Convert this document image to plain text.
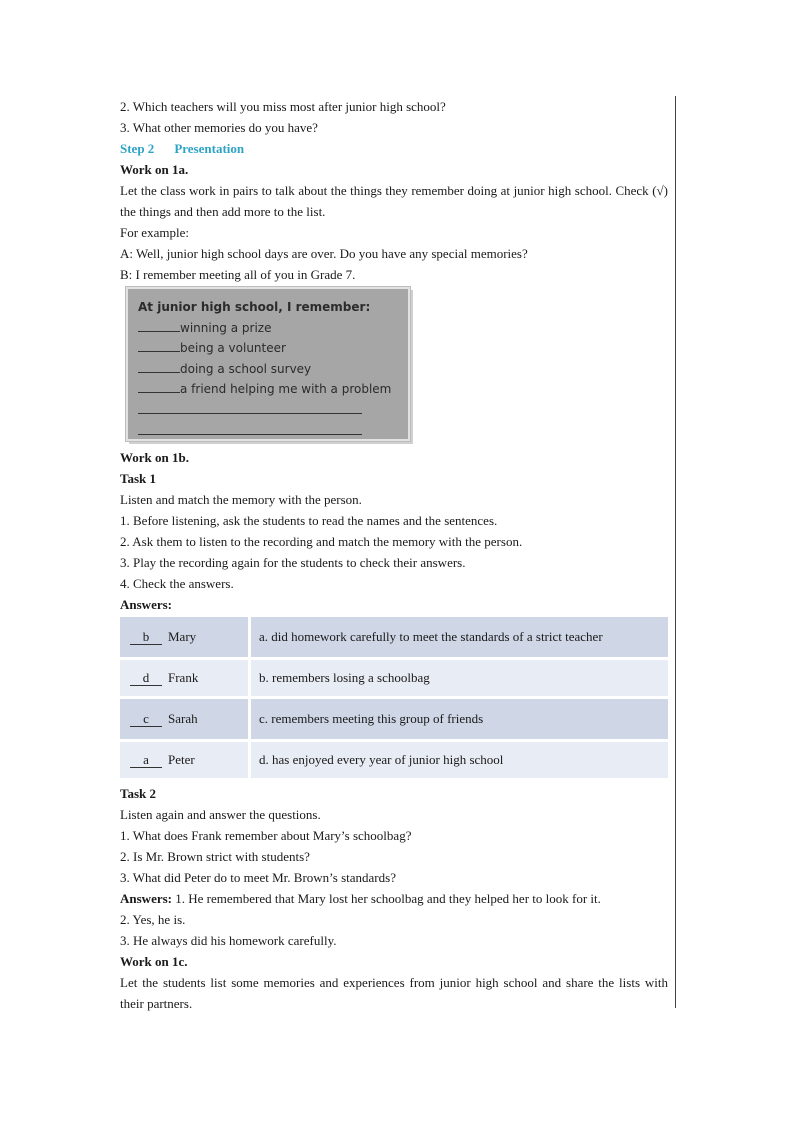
2. Which teachers will you miss most after junior high school?
3. What other memories do you have?
Step 2 Presentation
Work on 1a.
Let the class work in pairs to talk about the things they remember doing at junior high school. Check (√) the things and then add more to the list.
For example:
A: Well, junior high school days are over. Do you have any special memories?
B: I remember meeting all of you in Grade 7.
At junior high school, I remember:
winning a prize
being a volunteer
doing a school survey
a friend helping me with a problem
Work on 1b.
Task 1
Listen and match the memory with the person.
1. Before listening, ask the students to read the names and the sentences.
2. Ask them to listen to the recording and match the memory with the person.
3. Play the recording again for the students to check their answers.
4. Check the answers.
Answers:
b Mary	a. did homework carefully to meet the standards of a strict teacher
d Frank	b. remembers losing a schoolbag
c Sarah	c. remembers meeting this group of friends
a Peter	d. has enjoyed every year of junior high school
Task 2
Listen again and answer the questions.
1. What does Frank remember about Mary’s schoolbag?
2. Is Mr. Brown strict with students?
3. What did Peter do to meet Mr. Brown’s standards?
Answers: 1. He remembered that Mary lost her schoolbag and they helped her to look for it.
2. Yes, he is.
3. He always did his homework carefully.
Work on 1c.
Let the students list some memories and experiences from junior high school and share the lists with their partners.
